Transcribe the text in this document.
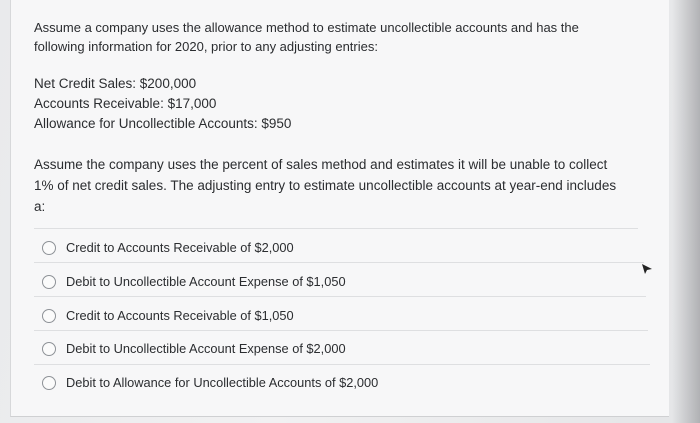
Assume a company uses the allowance method to estimate uncollectible accounts and has the following information for 2020, prior to any adjusting entries:

Net Credit Sales: $200,000
Accounts Receivable: $17,000
Allowance for Uncollectible Accounts: $950

Assume the company uses the percent of sales method and estimates it will be unable to collect 1% of net credit sales. The adjusting entry to estimate uncollectible accounts at year-end includes a:

Credit to Accounts Receivable of $2,000
Debit to Uncollectible Account Expense of $1,050
Credit to Accounts Receivable of $1,050
Debit to Uncollectible Account Expense of $2,000
Debit to Allowance for Uncollectible Accounts of $2,000
